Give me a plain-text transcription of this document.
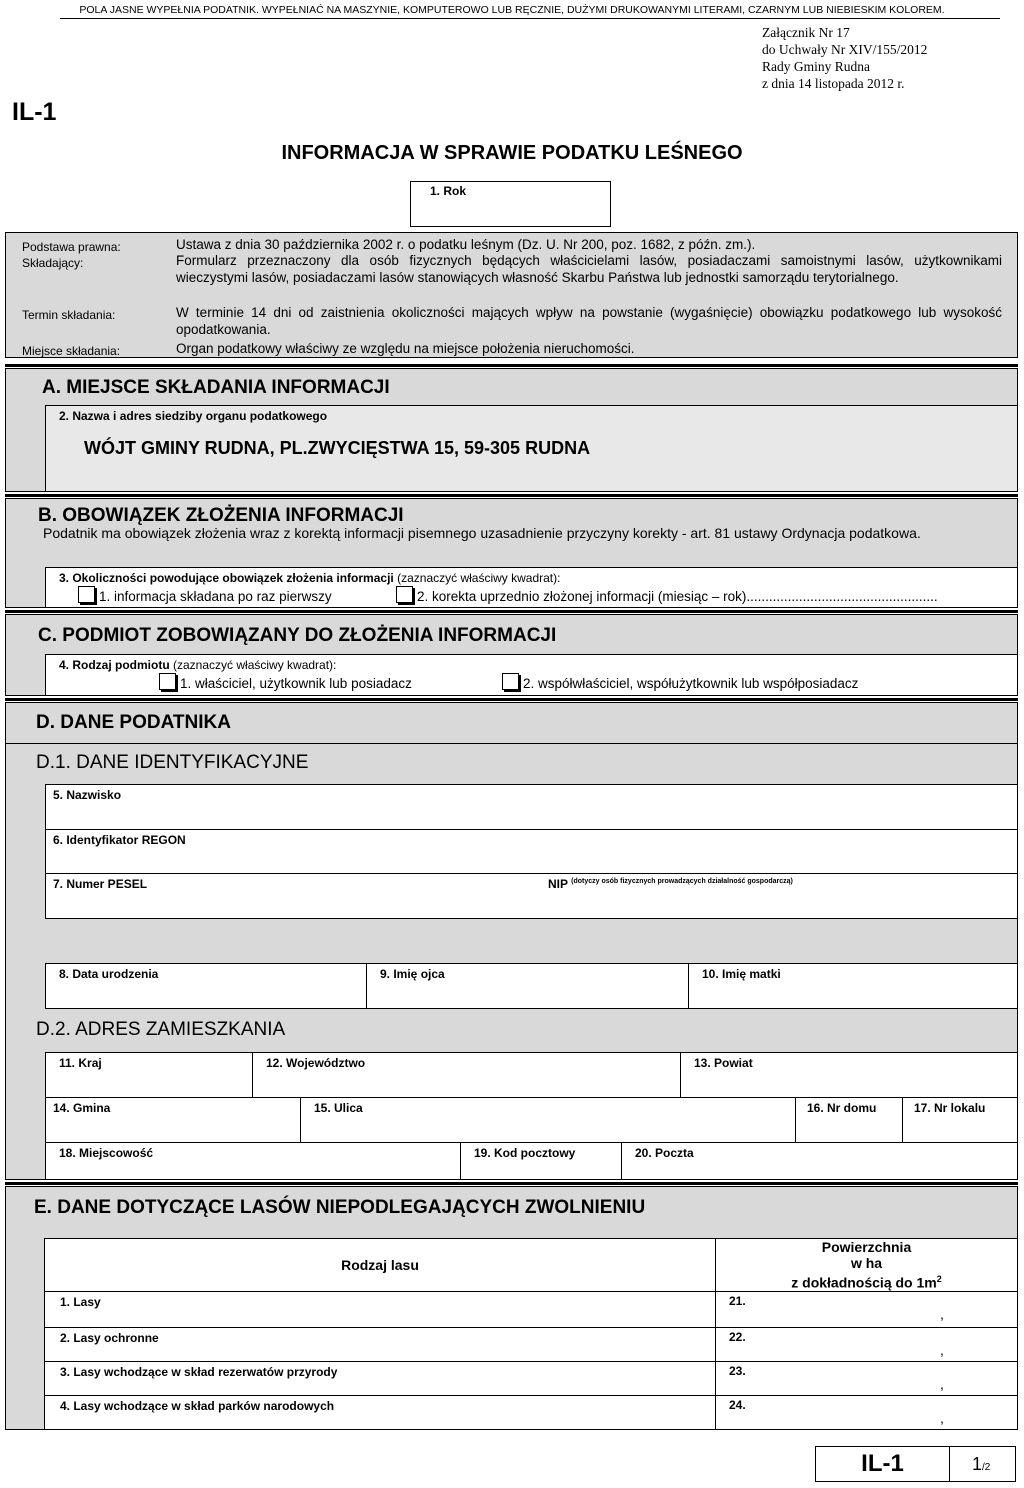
POLA JASNE WYPEŁNIA PODATNIK. WYPEŁNIAĆ NA MASZYNIE, KOMPUTEROWO LUB RĘCZNIE, DUŻYMI DRUKOWANYMI LITERAMI, CZARNYM LUB NIEBIESKIM KOLOREM.
Załącznik Nr 17
do Uchwały Nr XIV/155/2012
Rady Gminy Rudna
z dnia 14 listopada 2012 r.
IL-1
INFORMACJA W SPRAWIE PODATKU LEŚNEGO
1. Rok
Podstawa prawna:	Ustawa z dnia 30 października 2002 r. o podatku leśnym (Dz. U. Nr 200, poz. 1682, z późn. zm.).
Składający:	Formularz przeznaczony dla osób fizycznych będących właścicielami lasów, posiadaczami samoistnymi lasów, użytkownikami wieczystymi lasów, posiadaczami lasów stanowiących własność Skarbu Państwa lub jednostki samorządu terytorialnego.
Termin składania:	W terminie 14 dni od zaistnienia okoliczności mających wpływ na powstanie (wygaśnięcie) obowiązku podatkowego lub wysokość opodatkowania.
Miejsce składania:	Organ podatkowy właściwy ze względu na miejsce położenia nieruchomości.
A. MIEJSCE SKŁADANIA INFORMACJI
2. Nazwa i adres siedziby organu podatkowego
WÓJT GMINY RUDNA, PL.ZWYCIĘSTWA 15, 59-305 RUDNA
B. OBOWIĄZEK ZŁOŻENIA INFORMACJI
Podatnik ma obowiązek złożenia wraz z korektą informacji pisemnego uzasadnienie przyczyny korekty - art. 81 ustawy Ordynacja podatkowa.
3. Okoliczności powodujące obowiązek złożenia informacji (zaznaczyć właściwy kwadrat):
1. informacja składana po raz pierwszy	2. korekta uprzednio złożonej informacji (miesiąc – rok)...................................................
C. PODMIOT ZOBOWIĄZANY DO ZŁOŻENIA INFORMACJI
4. Rodzaj podmiotu (zaznaczyć właściwy kwadrat):
1. właściciel, użytkownik lub posiadacz	2. współwłaściciel, współużytkownik lub współposiadacz
D. DANE PODATNIKA
D.1. DANE IDENTYFIKACYJNE
5. Nazwisko
6. Identyfikator REGON
7. Numer PESEL	NIP $^{(dotyczy osób fizycznych prowadzących działalność gospodarczą)}$
8. Data urodzenia	9. Imię ojca	10. Imię matki
D.2. ADRES ZAMIESZKANIA
11. Kraj	12. Województwo	13. Powiat
14. Gmina	15. Ulica	16. Nr domu	17. Nr lokalu
18. Miejscowość	19. Kod pocztowy	20. Poczta
E. DANE DOTYCZĄCE LASÓW NIEPODLEGAJĄCYCH ZWOLNIENIU
Rodzaj lasu	Powierzchnia
w ha
z dokładnością do $1m^2$

1. Lasy	21.
,

2. Lasy ochronne	22.
,

3. Lasy wchodzące w skład rezerwatów przyrody	23.
,

4. Lasy wchodzące w skład parków narodowych	24.
,
IL-1	1/2
